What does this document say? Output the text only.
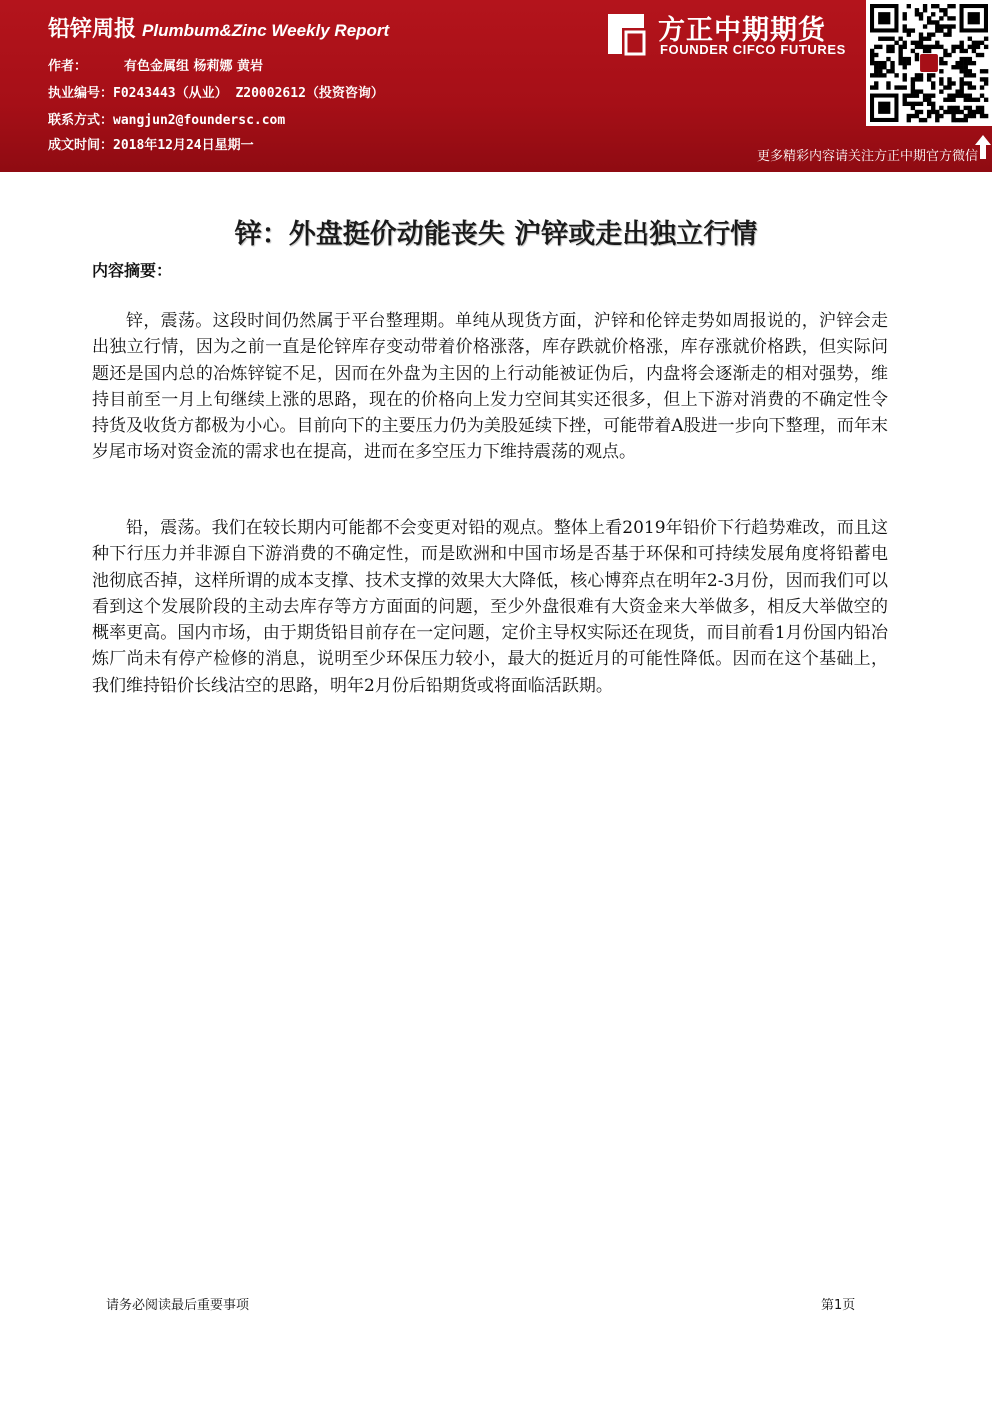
铅锌周报 Plumbum&Zinc Weekly Report
作者：	有色金属组 杨莉娜 黄岩
执业编号：F0243443（从业） Z20002612（投资咨询）
联系方式：wangjun2@foundersc.com
成文时间：2018年12月24日星期一
方正中期期货
FOUNDER CIFCO FUTURES
更多精彩内容请关注方正中期官方微信
锌：外盘挺价动能丧失 沪锌或走出独立行情
内容摘要：

锌，震荡。这段时间仍然属于平台整理期。单纯从现货方面，沪锌和伦锌走势如周报说的，沪锌会走出独立行情，因为之前一直是伦锌库存变动带着价格涨落，库存跌就价格涨，库存涨就价格跌，但实际问题还是国内总的冶炼锌锭不足，因而在外盘为主因的上行动能被证伪后，内盘将会逐渐走的相对强势，维持目前至一月上旬继续上涨的思路，现在的价格向上发力空间其实还很多，但上下游对消费的不确定性令持货及收货方都极为小心。目前向下的主要压力仍为美股延续下挫，可能带着A股进一步向下整理，而年末岁尾市场对资金流的需求也在提高，进而在多空压力下维持震荡的观点。

铅，震荡。我们在较长期内可能都不会变更对铅的观点。整体上看2019年铅价下行趋势难改，而且这种下行压力并非源自下游消费的不确定性，而是欧洲和中国市场是否基于环保和可持续发展角度将铅蓄电池彻底否掉，这样所谓的成本支撑、技术支撑的效果大大降低，核心博弈点在明年2-3月份，因而我们可以看到这个发展阶段的主动去库存等方方面面的问题，至少外盘很难有大资金来大举做多，相反大举做空的概率更高。国内市场，由于期货铅目前存在一定问题，定价主导权实际还在现货，而目前看1月份国内铅冶炼厂尚未有停产检修的消息，说明至少环保压力较小，最大的挺近月的可能性降低。因而在这个基础上，我们维持铅价长线沽空的思路，明年2月份后铅期货或将面临活跃期。

请务必阅读最后重要事项	第1页
